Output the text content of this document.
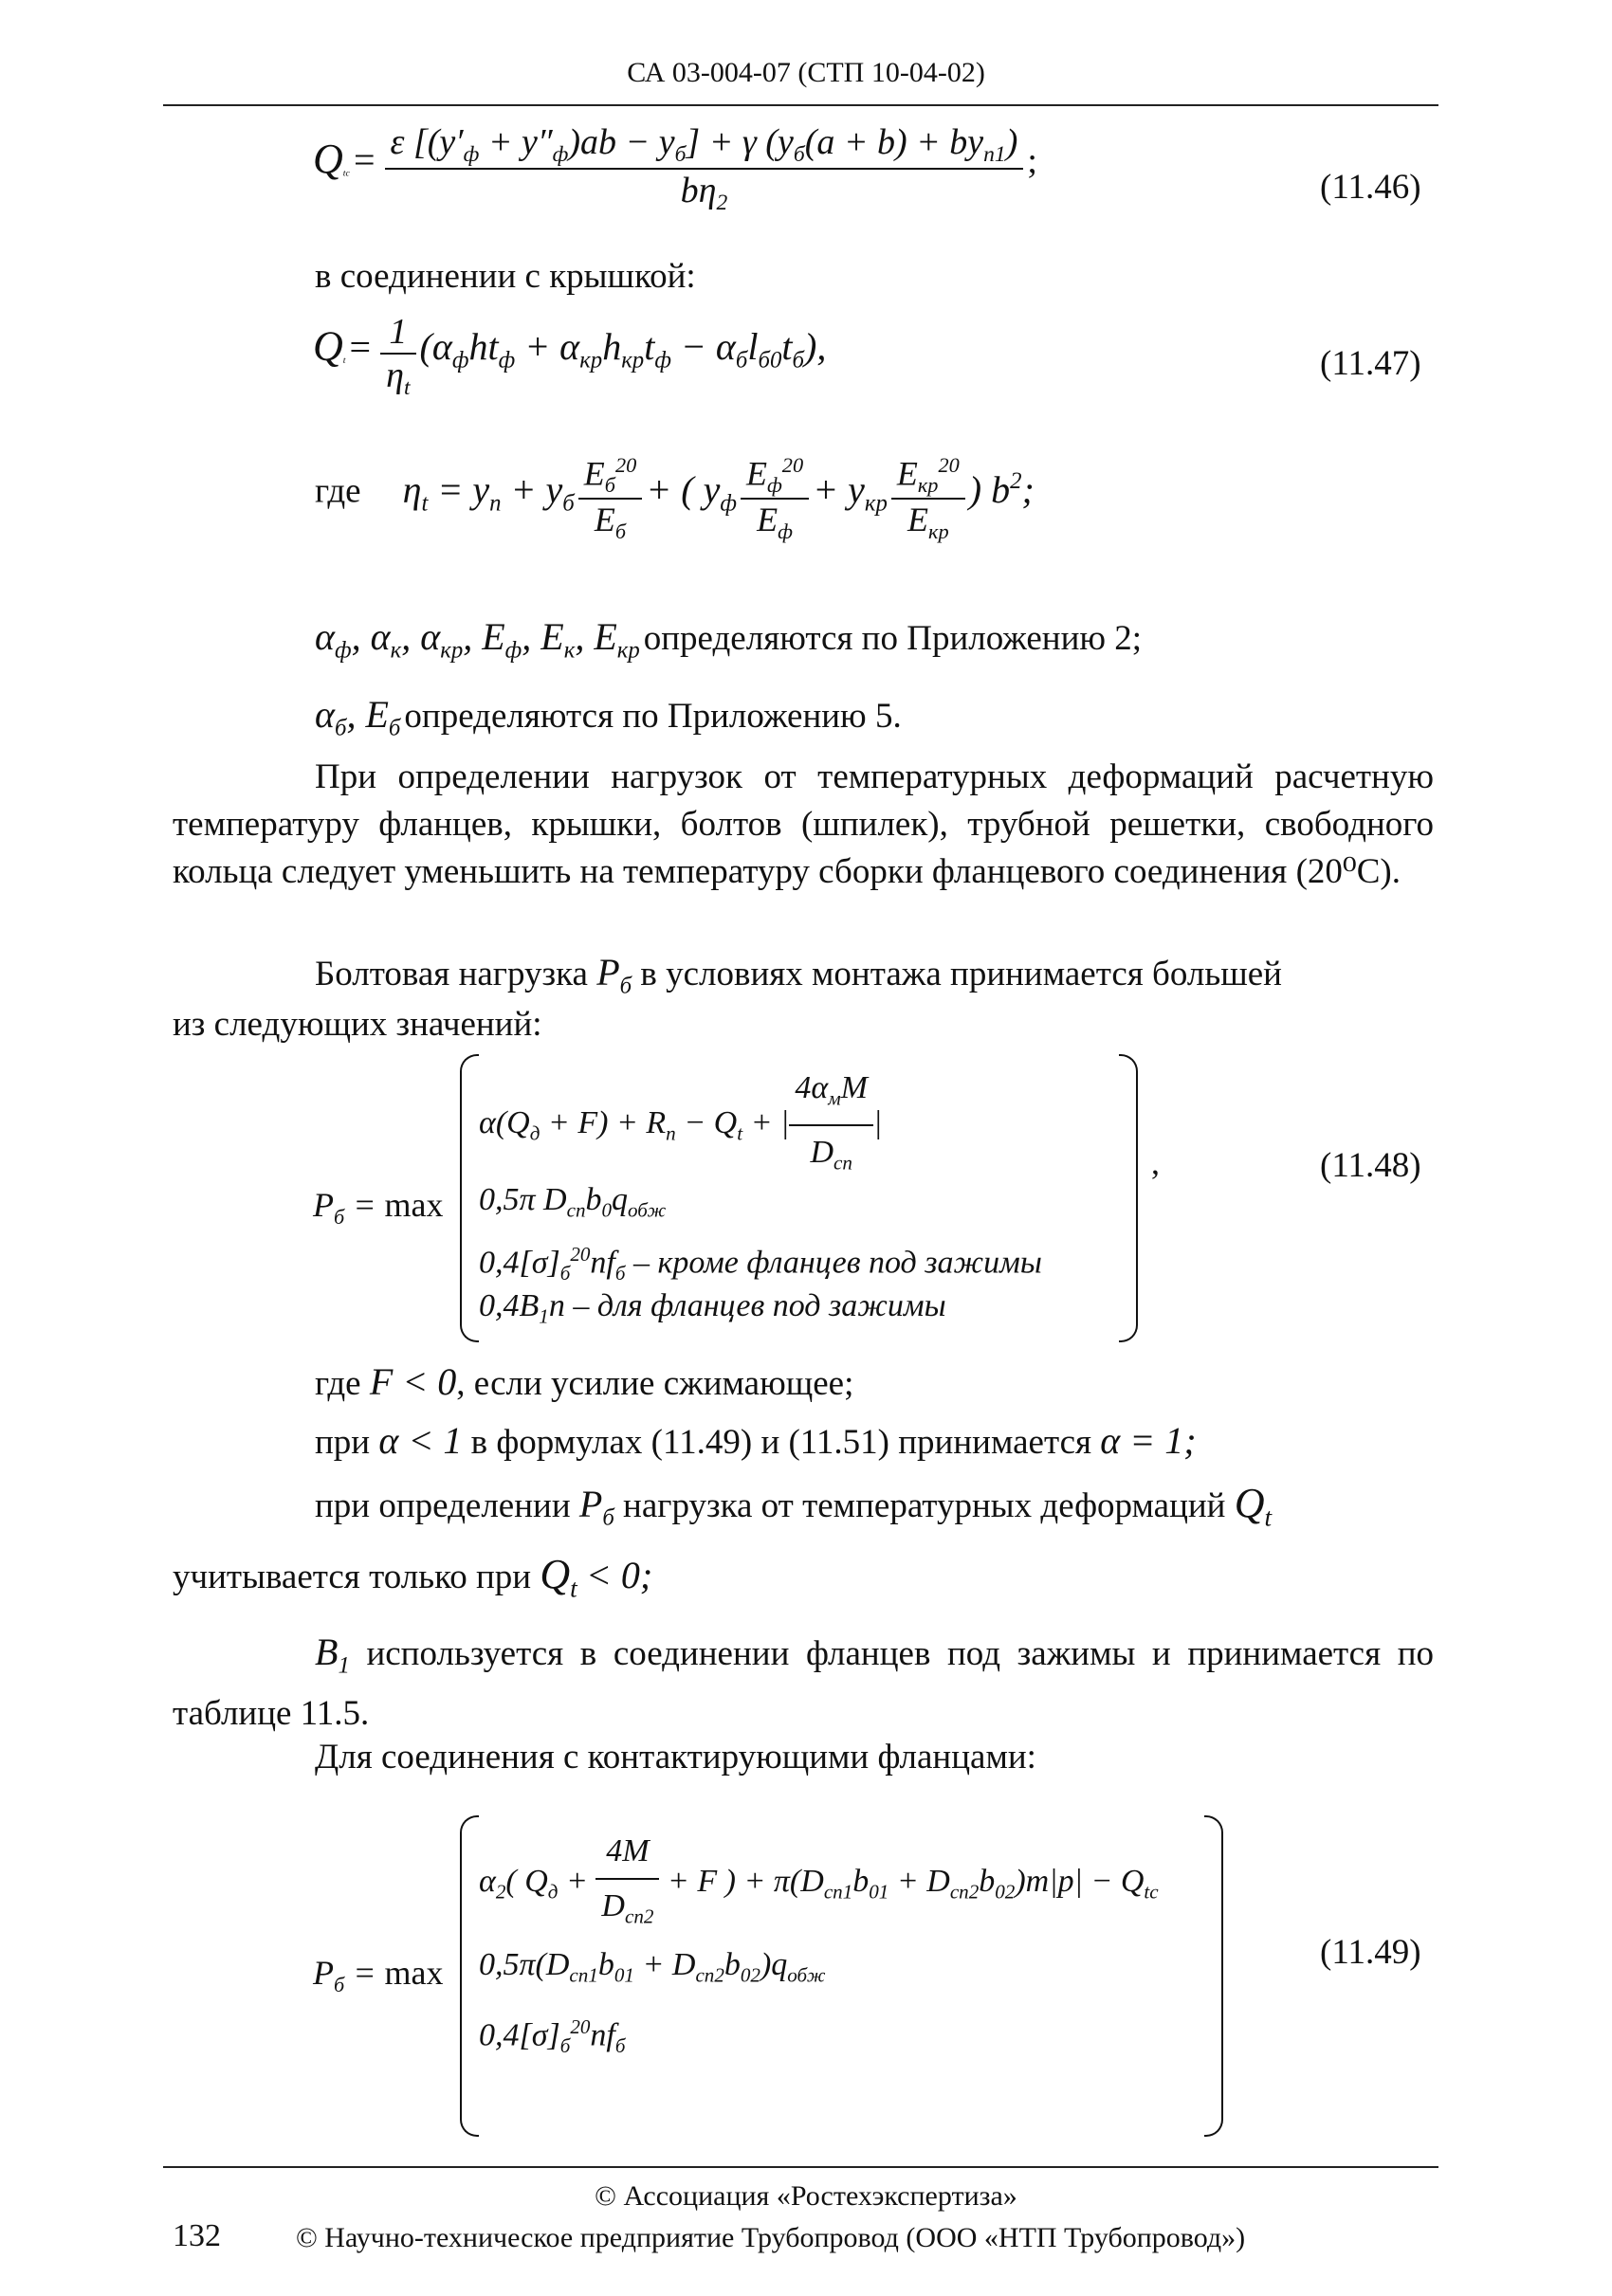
СА 03-004-07 (СТП 10-04-02)
$Q_{tc} = \frac{\varepsilon [(y'_ф + y''_ф)ab - y_б] + \gamma (y_б(a + b) + by_{п1})}{b\eta_2}$ ;
(11.46)
в соединении с крышкой:
$Q_t = \frac{1}{\eta_t} (\alpha_фht_ф + \alpha_{кр}h_{кр}t_ф - \alpha_бl_{б0}t_б)$,	(11.47)
где $\eta_t = y_п + y_б \frac{E_б^{20}}{E_б}$ + ( $y_ф \frac{E_ф^{20}}{E_ф} + y_{кр} \frac{E_{кр}^{20}}{E_{кр}}$ ) $b^2$;
$\alpha_ф$, $\alpha_к$, $\alpha_{кр}$, $E_ф$, $E_к$, $E_{кр}$ определяются по Приложению 2;
$\alpha_б$, $E_б$ определяются по Приложению 5.
При определении нагрузок от температурных деформаций расчетную температуру фланцев, крышки, болтов (шпилек), трубной решетки, свободного кольца следует уменьшить на температуру сборки фланцевого соединения (20⁰С).
Болтовая нагрузка $P_б$ в условиях монтажа принимается большей
из следующих значений:
$P_б = \max$
$\alpha(Q_д + F) + R_п - Q_t$ + | $\frac{4\alpha_мM}{D_{сп}}$ |
0,5π $D_{сп}b_0q_{обж}$
$0,4[\sigma]_б^{20}nf_б$ – кроме фланцев под зажимы
$0,4B_1n$ – для фланцев под зажимы
,	(11.48)
где F < 0, если усилие сжимающее;
при α < 1 в формулах (11.49) и (11.51) принимается α = 1;
при определении $P_б$ нагрузка от температурных деформаций $Q_t$
учитывается только при $Q_t < 0$;
$B_1$ используется в соединении фланцев под зажимы и принимается по таблице 11.5.
Для соединения с контактирующими фланцами:
$P_б = \max$
$\alpha_2$( $Q_д + \frac{4M}{D_{сп2}} + F$ ) + $\pi(D_{сп1}b_{01} + D_{сп2}b_{02})m|p| - Q_{tc}$
$0,5\pi(D_{сп1}b_{01} + D_{сп2}b_{02})q_{обж}$
$0,4[\sigma]_б^{20}nf_б$
(11.49)
© Ассоциация «Ростехэкспертиза»
132	© Научно-техническое предприятие Трубопровод (ООО «НТП Трубопровод»)
